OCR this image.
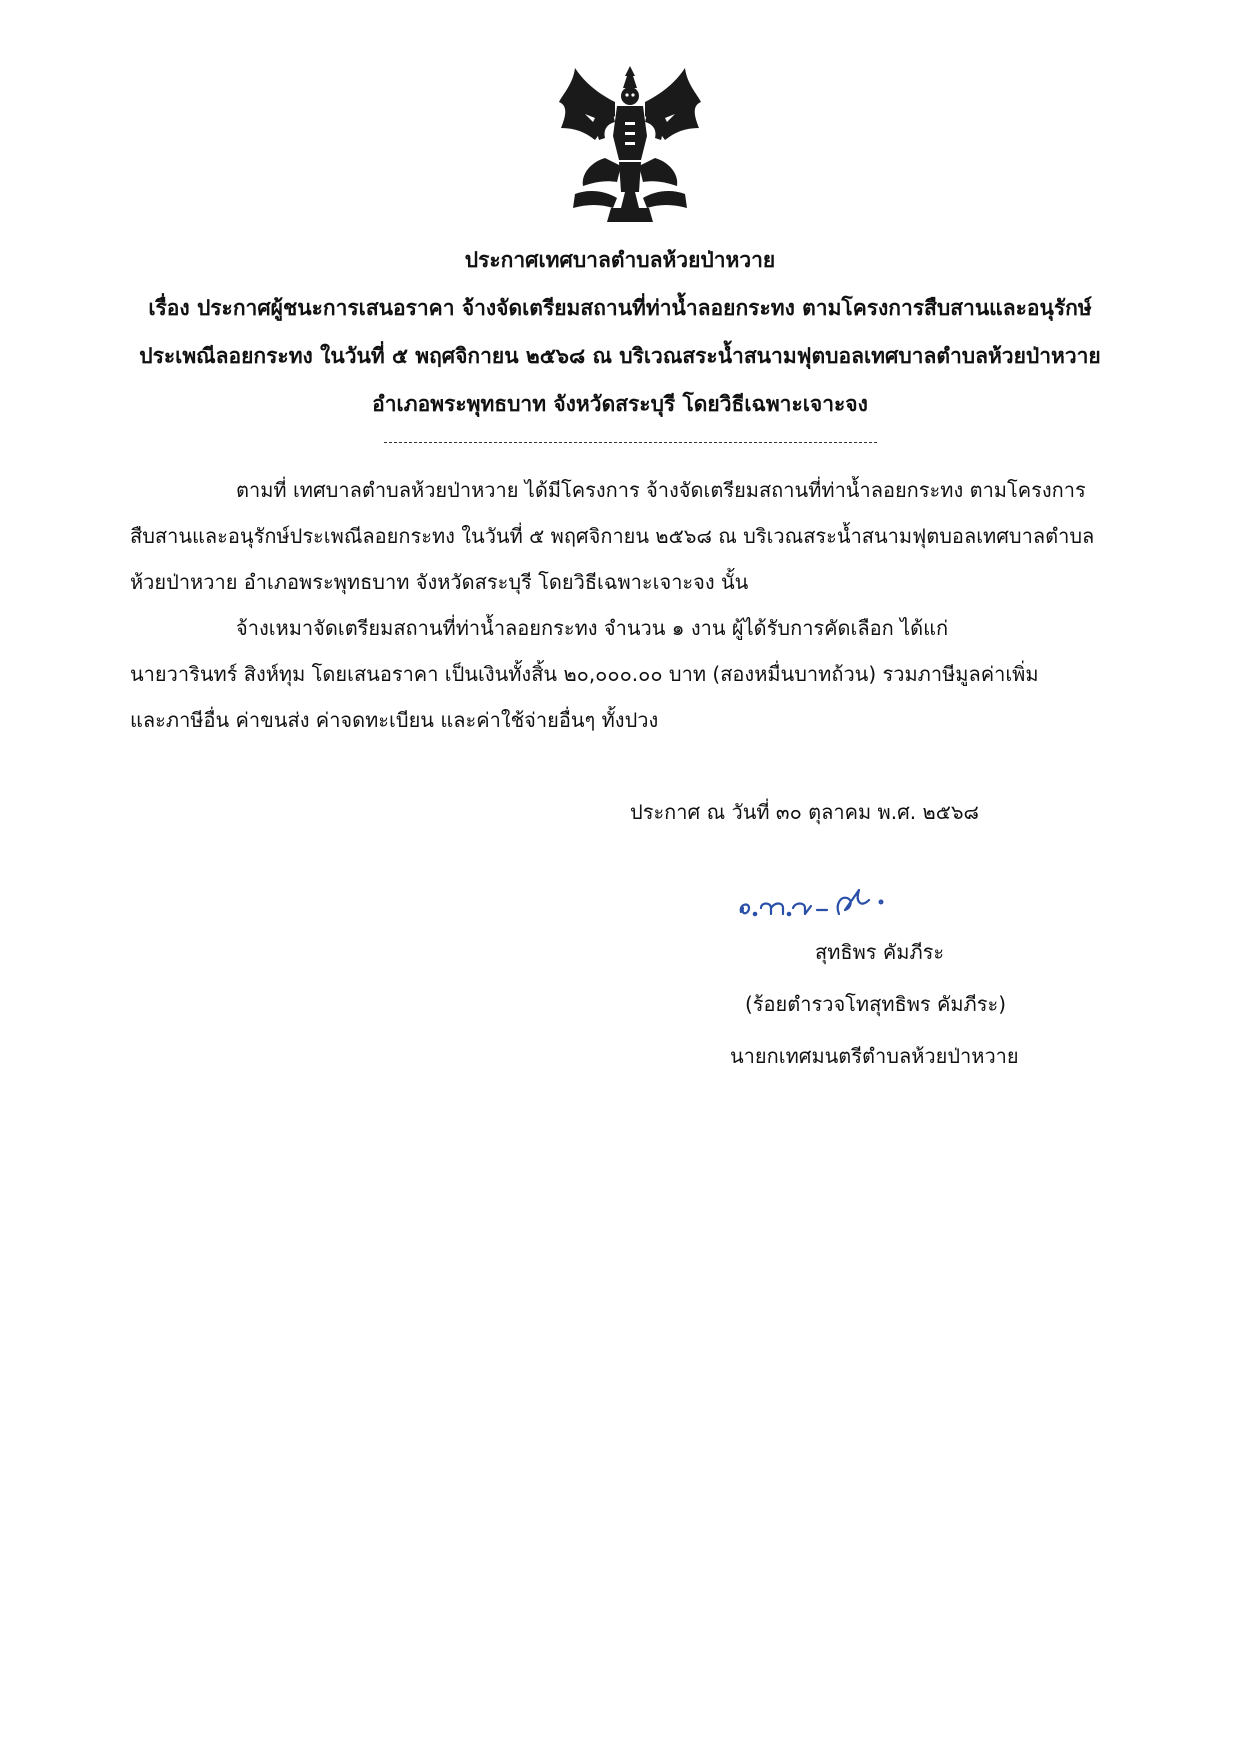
ประกาศเทศบาลตำบลห้วยป่าหวาย
เรื่อง ประกาศผู้ชนะการเสนอราคา จ้างจัดเตรียมสถานที่ท่าน้ำลอยกระทง ตามโครงการสืบสานและอนุรักษ์
ประเพณีลอยกระทง ในวันที่ ๕ พฤศจิกายน ๒๕๖๘ ณ บริเวณสระน้ำสนามฟุตบอลเทศบาลตำบลห้วยป่าหวาย
อำเภอพระพุทธบาท จังหวัดสระบุรี โดยวิธีเฉพาะเจาะจง
ตามที่ เทศบาลตำบลห้วยป่าหวาย ได้มีโครงการ จ้างจัดเตรียมสถานที่ท่าน้ำลอยกระทง ตามโครงการ
สืบสานและอนุรักษ์ประเพณีลอยกระทง ในวันที่ ๕ พฤศจิกายน ๒๕๖๘ ณ บริเวณสระน้ำสนามฟุตบอลเทศบาลตำบล
ห้วยป่าหวาย อำเภอพระพุทธบาท จังหวัดสระบุรี โดยวิธีเฉพาะเจาะจง นั้น
จ้างเหมาจัดเตรียมสถานที่ท่าน้ำลอยกระทง จำนวน ๑ งาน ผู้ได้รับการคัดเลือก ได้แก่
นายวารินทร์ สิงห์ทุม โดยเสนอราคา เป็นเงินทั้งสิ้น ๒๐,๐๐๐.๐๐ บาท (สองหมื่นบาทถ้วน) รวมภาษีมูลค่าเพิ่ม
และภาษีอื่น ค่าขนส่ง ค่าจดทะเบียน และค่าใช้จ่ายอื่นๆ ทั้งปวง
ประกาศ ณ วันที่ ๓๐ ตุลาคม พ.ศ. ๒๕๖๘
สุทธิพร คัมภีระ
(ร้อยตำรวจโทสุทธิพร คัมภีระ)
นายกเทศมนตรีตำบลห้วยป่าหวาย
